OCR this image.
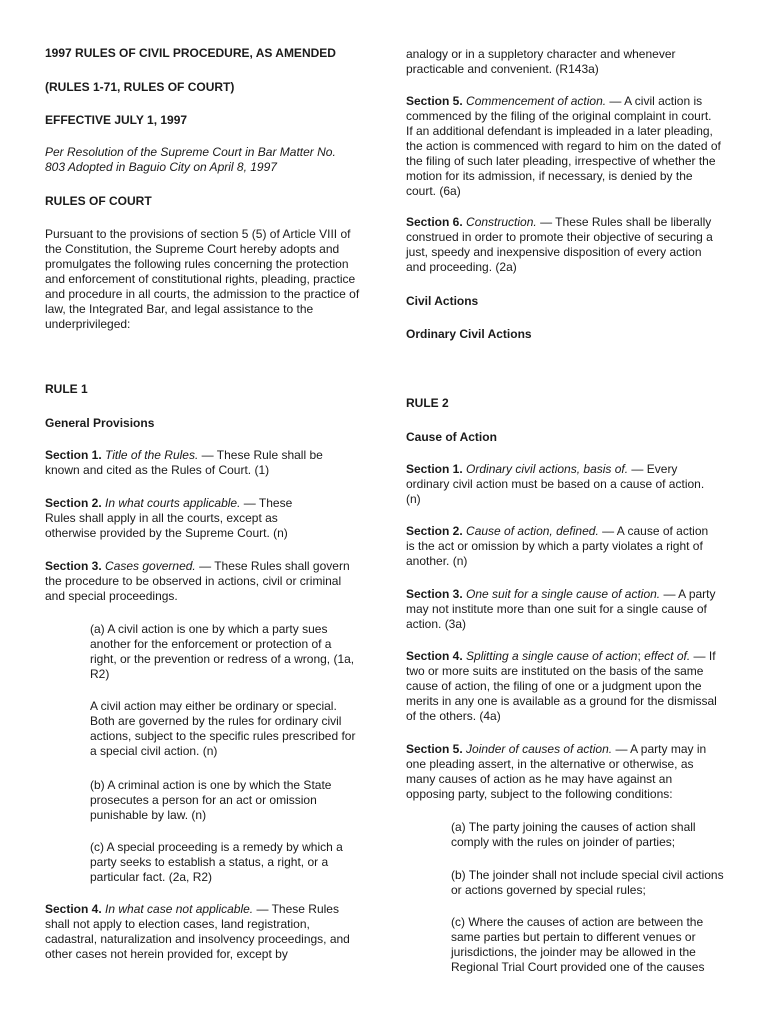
1997 RULES OF CIVIL PROCEDURE, AS AMENDED

(RULES 1-71, RULES OF COURT)

EFFECTIVE JULY 1, 1997

Per Resolution of the Supreme Court in Bar Matter No. 803 Adopted in Baguio City on April 8, 1997

RULES OF COURT

Pursuant to the provisions of section 5 (5) of Article VIII of the Constitution, the Supreme Court hereby adopts and promulgates the following rules concerning the protection and enforcement of constitutional rights, pleading, practice and procedure in all courts, the admission to the practice of law, the Integrated Bar, and legal assistance to the underprivileged:

RULE 1

General Provisions

Section 1. Title of the Rules. — These Rule shall be known and cited as the Rules of Court. (1)

Section 2. In what courts applicable. — These Rules shall apply in all the courts, except as otherwise provided by the Supreme Court. (n)

Section 3. Cases governed. — These Rules shall govern the procedure to be observed in actions, civil or criminal and special proceedings.

(a) A civil action is one by which a party sues another for the enforcement or protection of a right, or the prevention or redress of a wrong, (1a, R2)

A civil action may either be ordinary or special. Both are governed by the rules for ordinary civil actions, subject to the specific rules prescribed for a special civil action. (n)

(b) A criminal action is one by which the State prosecutes a person for an act or omission punishable by law. (n)

(c) A special proceeding is a remedy by which a party seeks to establish a status, a right, or a particular fact. (2a, R2)

Section 4. In what case not applicable. — These Rules shall not apply to election cases, land registration, cadastral, naturalization and insolvency proceedings, and other cases not herein provided for, except by

analogy or in a suppletory character and whenever practicable and convenient. (R143a)

Section 5. Commencement of action. — A civil action is commenced by the filing of the original complaint in court. If an additional defendant is impleaded in a later pleading, the action is commenced with regard to him on the dated of the filing of such later pleading, irrespective of whether the motion for its admission, if necessary, is denied by the court. (6a)

Section 6. Construction. — These Rules shall be liberally construed in order to promote their objective of securing a just, speedy and inexpensive disposition of every action and proceeding. (2a)

Civil Actions

Ordinary Civil Actions

RULE 2

Cause of Action

Section 1. Ordinary civil actions, basis of. — Every ordinary civil action must be based on a cause of action. (n)

Section 2. Cause of action, defined. — A cause of action is the act or omission by which a party violates a right of another. (n)

Section 3. One suit for a single cause of action. — A party may not institute more than one suit for a single cause of action. (3a)

Section 4. Splitting a single cause of action; effect of. — If two or more suits are instituted on the basis of the same cause of action, the filing of one or a judgment upon the merits in any one is available as a ground for the dismissal of the others. (4a)

Section 5. Joinder of causes of action. — A party may in one pleading assert, in the alternative or otherwise, as many causes of action as he may have against an opposing party, subject to the following conditions:

(a) The party joining the causes of action shall comply with the rules on joinder of parties;

(b) The joinder shall not include special civil actions or actions governed by special rules;

(c) Where the causes of action are between the same parties but pertain to different venues or jurisdictions, the joinder may be allowed in the Regional Trial Court provided one of the causes
